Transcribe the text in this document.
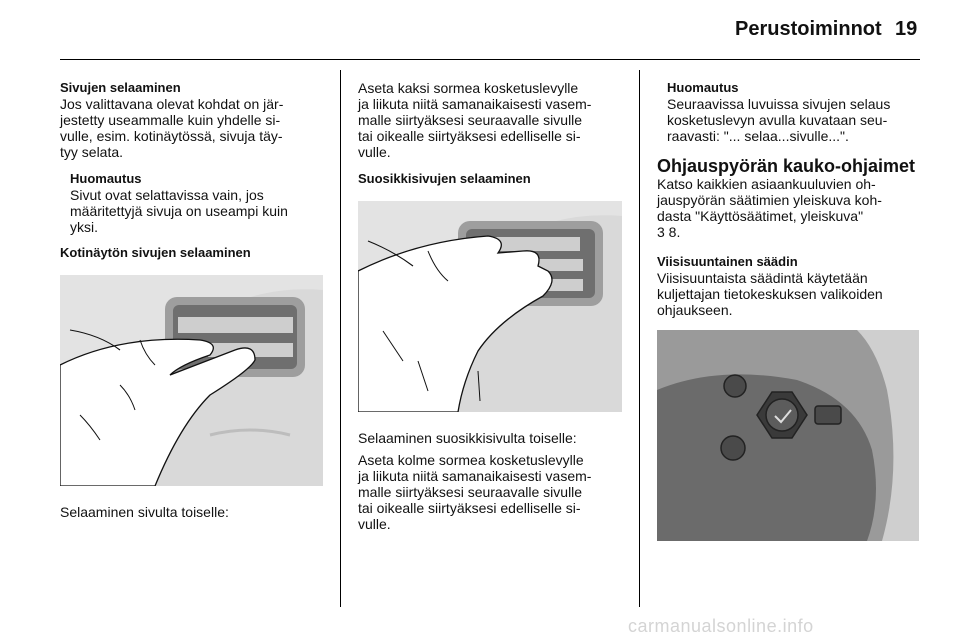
Perustoiminnot 19

Sivujen selaaminen

Jos valittavana olevat kohdat on jär-

jestetty useammalle kuin yhdelle si-

vulle, esim. kotinäytössä, sivuja täy-

tyy selata.

Huomautus

Sivut ovat selattavissa vain, jos

määritettyjä sivuja on useampi kuin

yksi.

Kotinäytön sivujen selaaminen

Selaaminen sivulta toiselle:

Aseta kaksi sormea kosketuslevylle

ja liikuta niitä samanaikaisesti vasem-

malle siirtyäksesi seuraavalle sivulle

tai oikealle siirtyäksesi edelliselle si-

vulle.

Suosikkisivujen selaaminen

Selaaminen suosikkisivulta toiselle:

Aseta kolme sormea kosketuslevylle

ja liikuta niitä samanaikaisesti vasem-

malle siirtyäksesi seuraavalle sivulle

tai oikealle siirtyäksesi edelliselle si-

vulle.

Huomautus

Seuraavissa luvuissa sivujen selaus

kosketuslevyn avulla kuvataan seu-

raavasti: "... selaa...sivulle...".

Ohjauspyörän kauko-ohjaimet

Katso kaikkien asiaankuuluvien oh-

jauspyörän säätimien yleiskuva koh-

dasta "Käyttösäätimet, yleiskuva"

3 8.

Viisisuuntainen säädin

Viisisuuntaista säädintä käytetään

kuljettajan tietokeskuksen valikoiden

ohjaukseen.

carmanualsonline.info
